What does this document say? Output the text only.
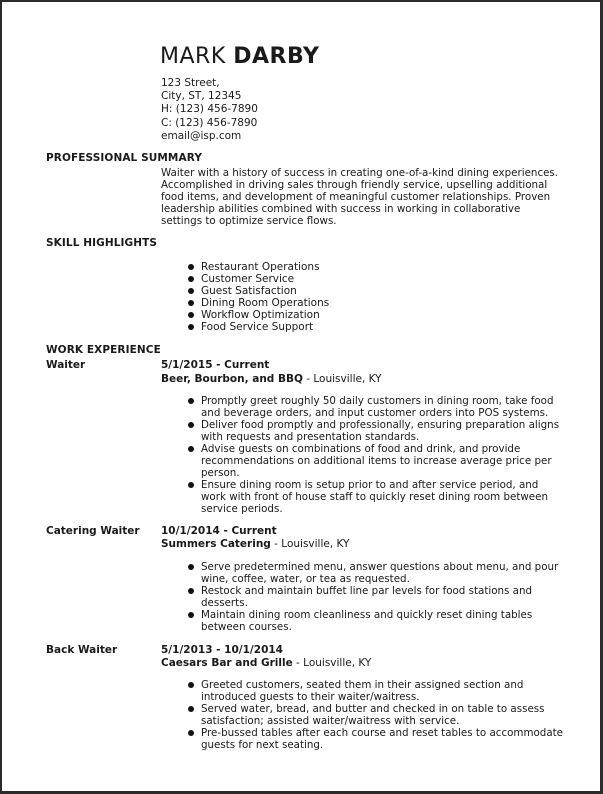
MARK DARBY
123 Street,
City, ST, 12345
H: (123) 456-7890
C: (123) 456-7890
email@isp.com
PROFESSIONAL SUMMARY
Waiter with a history of success in creating one-of-a-kind dining experiences. Accomplished in driving sales through friendly service, upselling additional food items, and development of meaningful customer relationships. Proven leadership abilities combined with success in working in collaborative settings to optimize service flows.
SKILL HIGHLIGHTS
Restaurant Operations
Customer Service
Guest Satisfaction
Dining Room Operations
Workflow Optimization
Food Service Support
WORK EXPERIENCE
Waiter	5/1/2015 - Current
Beer, Bourbon, and BBQ - Louisville, KY
Promptly greet roughly 50 daily customers in dining room, take food and beverage orders, and input customer orders into POS systems.
Deliver food promptly and professionally, ensuring preparation aligns with requests and presentation standards.
Advise guests on combinations of food and drink, and provide recommendations on additional items to increase average price per person.
Ensure dining room is setup prior to and after service period, and work with front of house staff to quickly reset dining room between service periods.
Catering Waiter 10/1/2014 - Current
Summers Catering - Louisville, KY
Serve predetermined menu, answer questions about menu, and pour wine, coffee, water, or tea as requested.
Restock and maintain buffet line par levels for food stations and desserts.
Maintain dining room cleanliness and quickly reset dining tables between courses.
Back Waiter	5/1/2013 - 10/1/2014
Caesars Bar and Grille - Louisville, KY
Greeted customers, seated them in their assigned section and introduced guests to their waiter/waitress.
Served water, bread, and butter and checked in on table to assess satisfaction; assisted waiter/waitress with service.
Pre-bussed tables after each course and reset tables to accommodate guests for next seating.
